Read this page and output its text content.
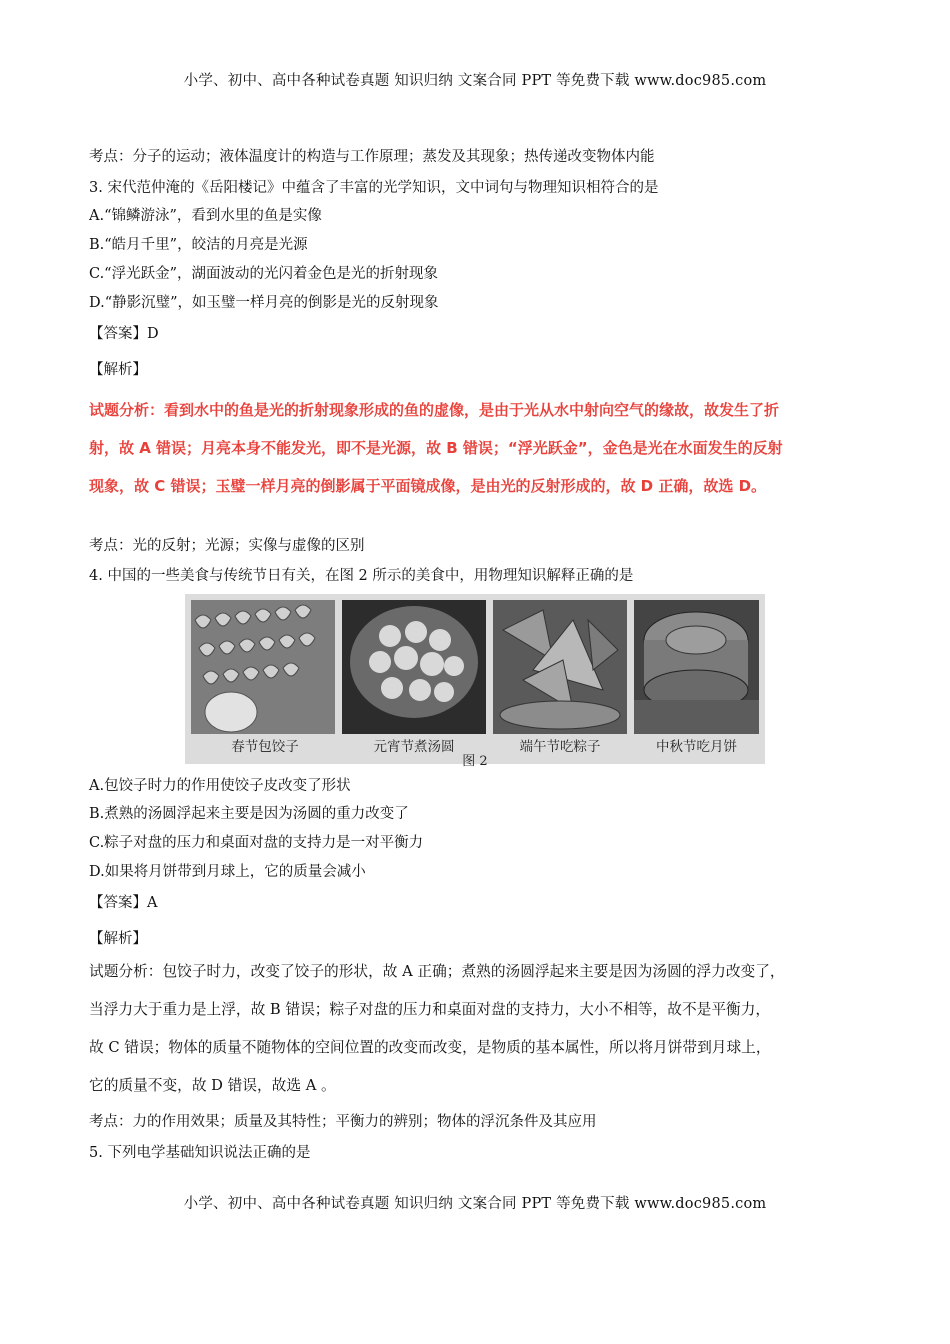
小学、初中、高中各种试卷真题 知识归纳 文案合同 PPT 等免费下载 www.doc985.com
考点：分子的运动；液体温度计的构造与工作原理；蒸发及其现象；热传递改变物体内能
3. 宋代范仲淹的《岳阳楼记》中蕴含了丰富的光学知识，文中词句与物理知识相符合的是
A.“锦鳞游泳”，看到水里的鱼是实像
B.“皓月千里”，皎洁的月亮是光源
C.“浮光跃金”，湖面波动的光闪着金色是光的折射现象
D.“静影沉璧”，如玉璧一样月亮的倒影是光的反射现象
【答案】D
【解析】
试题分析：看到水中的鱼是光的折射现象形成的鱼的虚像，是由于光从水中射向空气的缘故，故发生了折
射，故 A 错误；月亮本身不能发光，即不是光源，故 B 错误；“浮光跃金”，金色是光在水面发生的反射
现象，故 C 错误；玉璧一样月亮的倒影属于平面镜成像，是由光的反射形成的，故 D 正确，故选 D。
考点：光的反射；光源；实像与虚像的区别
4. 中国的一些美食与传统节日有关，在图 2 所示的美食中，用物理知识解释正确的是
春节包饺子	元宵节煮汤圆	端午节吃粽子	中秋节吃月饼
图 2
A.包饺子时力的作用使饺子皮改变了形状
B.煮熟的汤圆浮起来主要是因为汤圆的重力改变了
C.粽子对盘的压力和桌面对盘的支持力是一对平衡力
D.如果将月饼带到月球上，它的质量会减小
【答案】A
【解析】
试题分析：包饺子时力，改变了饺子的形状，故 A 正确；煮熟的汤圆浮起来主要是因为汤圆的浮力改变了，
当浮力大于重力是上浮，故 B 错误；粽子对盘的压力和桌面对盘的支持力，大小不相等，故不是平衡力，
故 C 错误；物体的质量不随物体的空间位置的改变而改变，是物质的基本属性，所以将月饼带到月球上，
它的质量不变，故 D 错误，故选 A 。
考点：力的作用效果；质量及其特性；平衡力的辨别；物体的浮沉条件及其应用
5. 下列电学基础知识说法正确的是
小学、初中、高中各种试卷真题 知识归纳 文案合同 PPT 等免费下载 www.doc985.com
